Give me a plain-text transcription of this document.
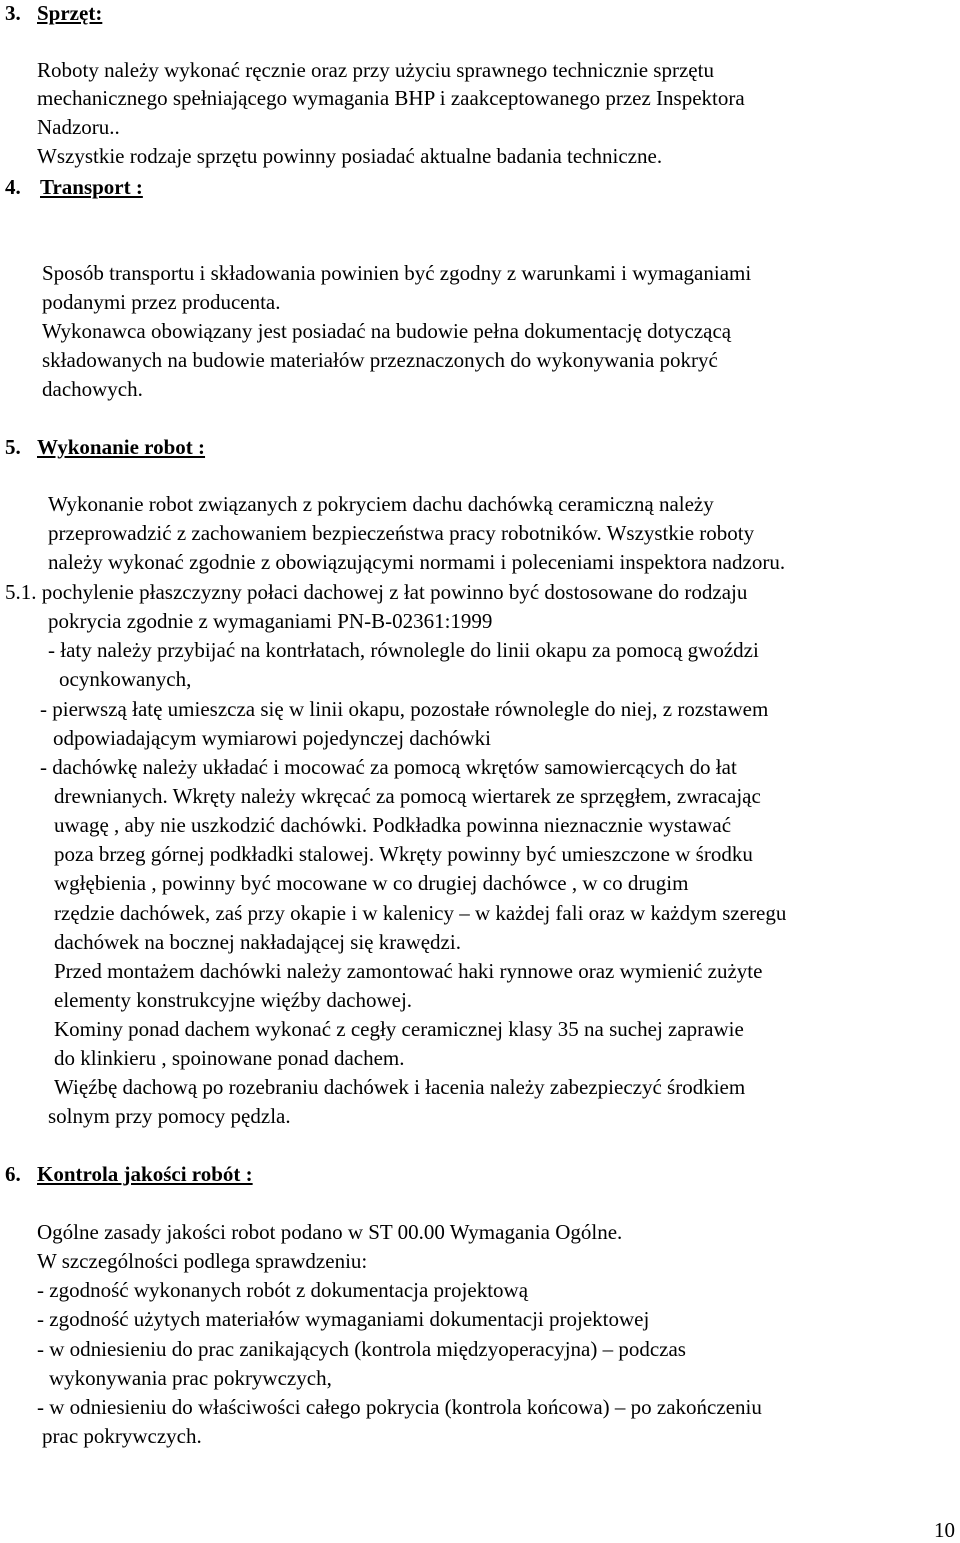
3. Sprzęt:
Roboty należy wykonać ręcznie oraz przy użyciu sprawnego technicznie sprzętu
mechanicznego spełniającego wymagania BHP i zaakceptowanego przez Inspektora
Nadzoru..
Wszystkie rodzaje sprzętu powinny posiadać aktualne badania techniczne.
4. Transport :
Sposób transportu i składowania powinien być zgodny z warunkami i wymaganiami
podanymi przez producenta.
Wykonawca obowiązany jest posiadać na budowie pełna dokumentację dotyczącą
składowanych na budowie materiałów przeznaczonych do wykonywania pokryć
dachowych.
5. Wykonanie robot :
Wykonanie robot związanych z pokryciem dachu dachówką ceramiczną należy
przeprowadzić z zachowaniem bezpieczeństwa pracy robotników. Wszystkie roboty
należy wykonać zgodnie z obowiązującymi normami i poleceniami inspektora nadzoru.
5.1. pochylenie płaszczyzny połaci dachowej z łat powinno być dostosowane do rodzaju
pokrycia zgodnie z wymaganiami PN-B-02361:1999
- łaty należy przybijać na kontrłatach, równolegle do linii okapu za pomocą gwoździ
ocynkowanych,
- pierwszą łatę umieszcza się w linii okapu, pozostałe równolegle do niej, z rozstawem
odpowiadającym wymiarowi pojedynczej dachówki
- dachówkę należy układać i mocować za pomocą wkrętów samowiercących do łat
drewnianych. Wkręty należy wkręcać za pomocą wiertarek ze sprzęgłem, zwracając
uwagę , aby nie uszkodzić dachówki. Podkładka powinna nieznacznie wystawać
poza brzeg górnej podkładki stalowej. Wkręty powinny być umieszczone w środku
wgłębienia , powinny być mocowane w co drugiej dachówce , w co drugim
rzędzie dachówek, zaś przy okapie i w kalenicy – w każdej fali oraz w każdym szeregu
dachówek na bocznej nakładającej się krawędzi.
Przed montażem dachówki należy zamontować haki rynnowe oraz wymienić zużyte
elementy konstrukcyjne więźby dachowej.
Kominy ponad dachem wykonać z cegły ceramicznej klasy 35 na suchej zaprawie
do klinkieru , spoinowane ponad dachem.
Więźbę dachową po rozebraniu dachówek i łacenia należy zabezpieczyć środkiem
solnym przy pomocy pędzla.
6. Kontrola jakości robót :
Ogólne zasady jakości robot podano w ST 00.00 Wymagania Ogólne.
W szczególności podlega sprawdzeniu:
- zgodność wykonanych robót z dokumentacja projektową
- zgodność użytych materiałów wymaganiami dokumentacji projektowej
- w odniesieniu do prac zanikających (kontrola międzyoperacyjna) – podczas
wykonywania prac pokrywczych,
- w odniesieniu do właściwości całego pokrycia (kontrola końcowa) – po zakończeniu
prac pokrywczych.
10
